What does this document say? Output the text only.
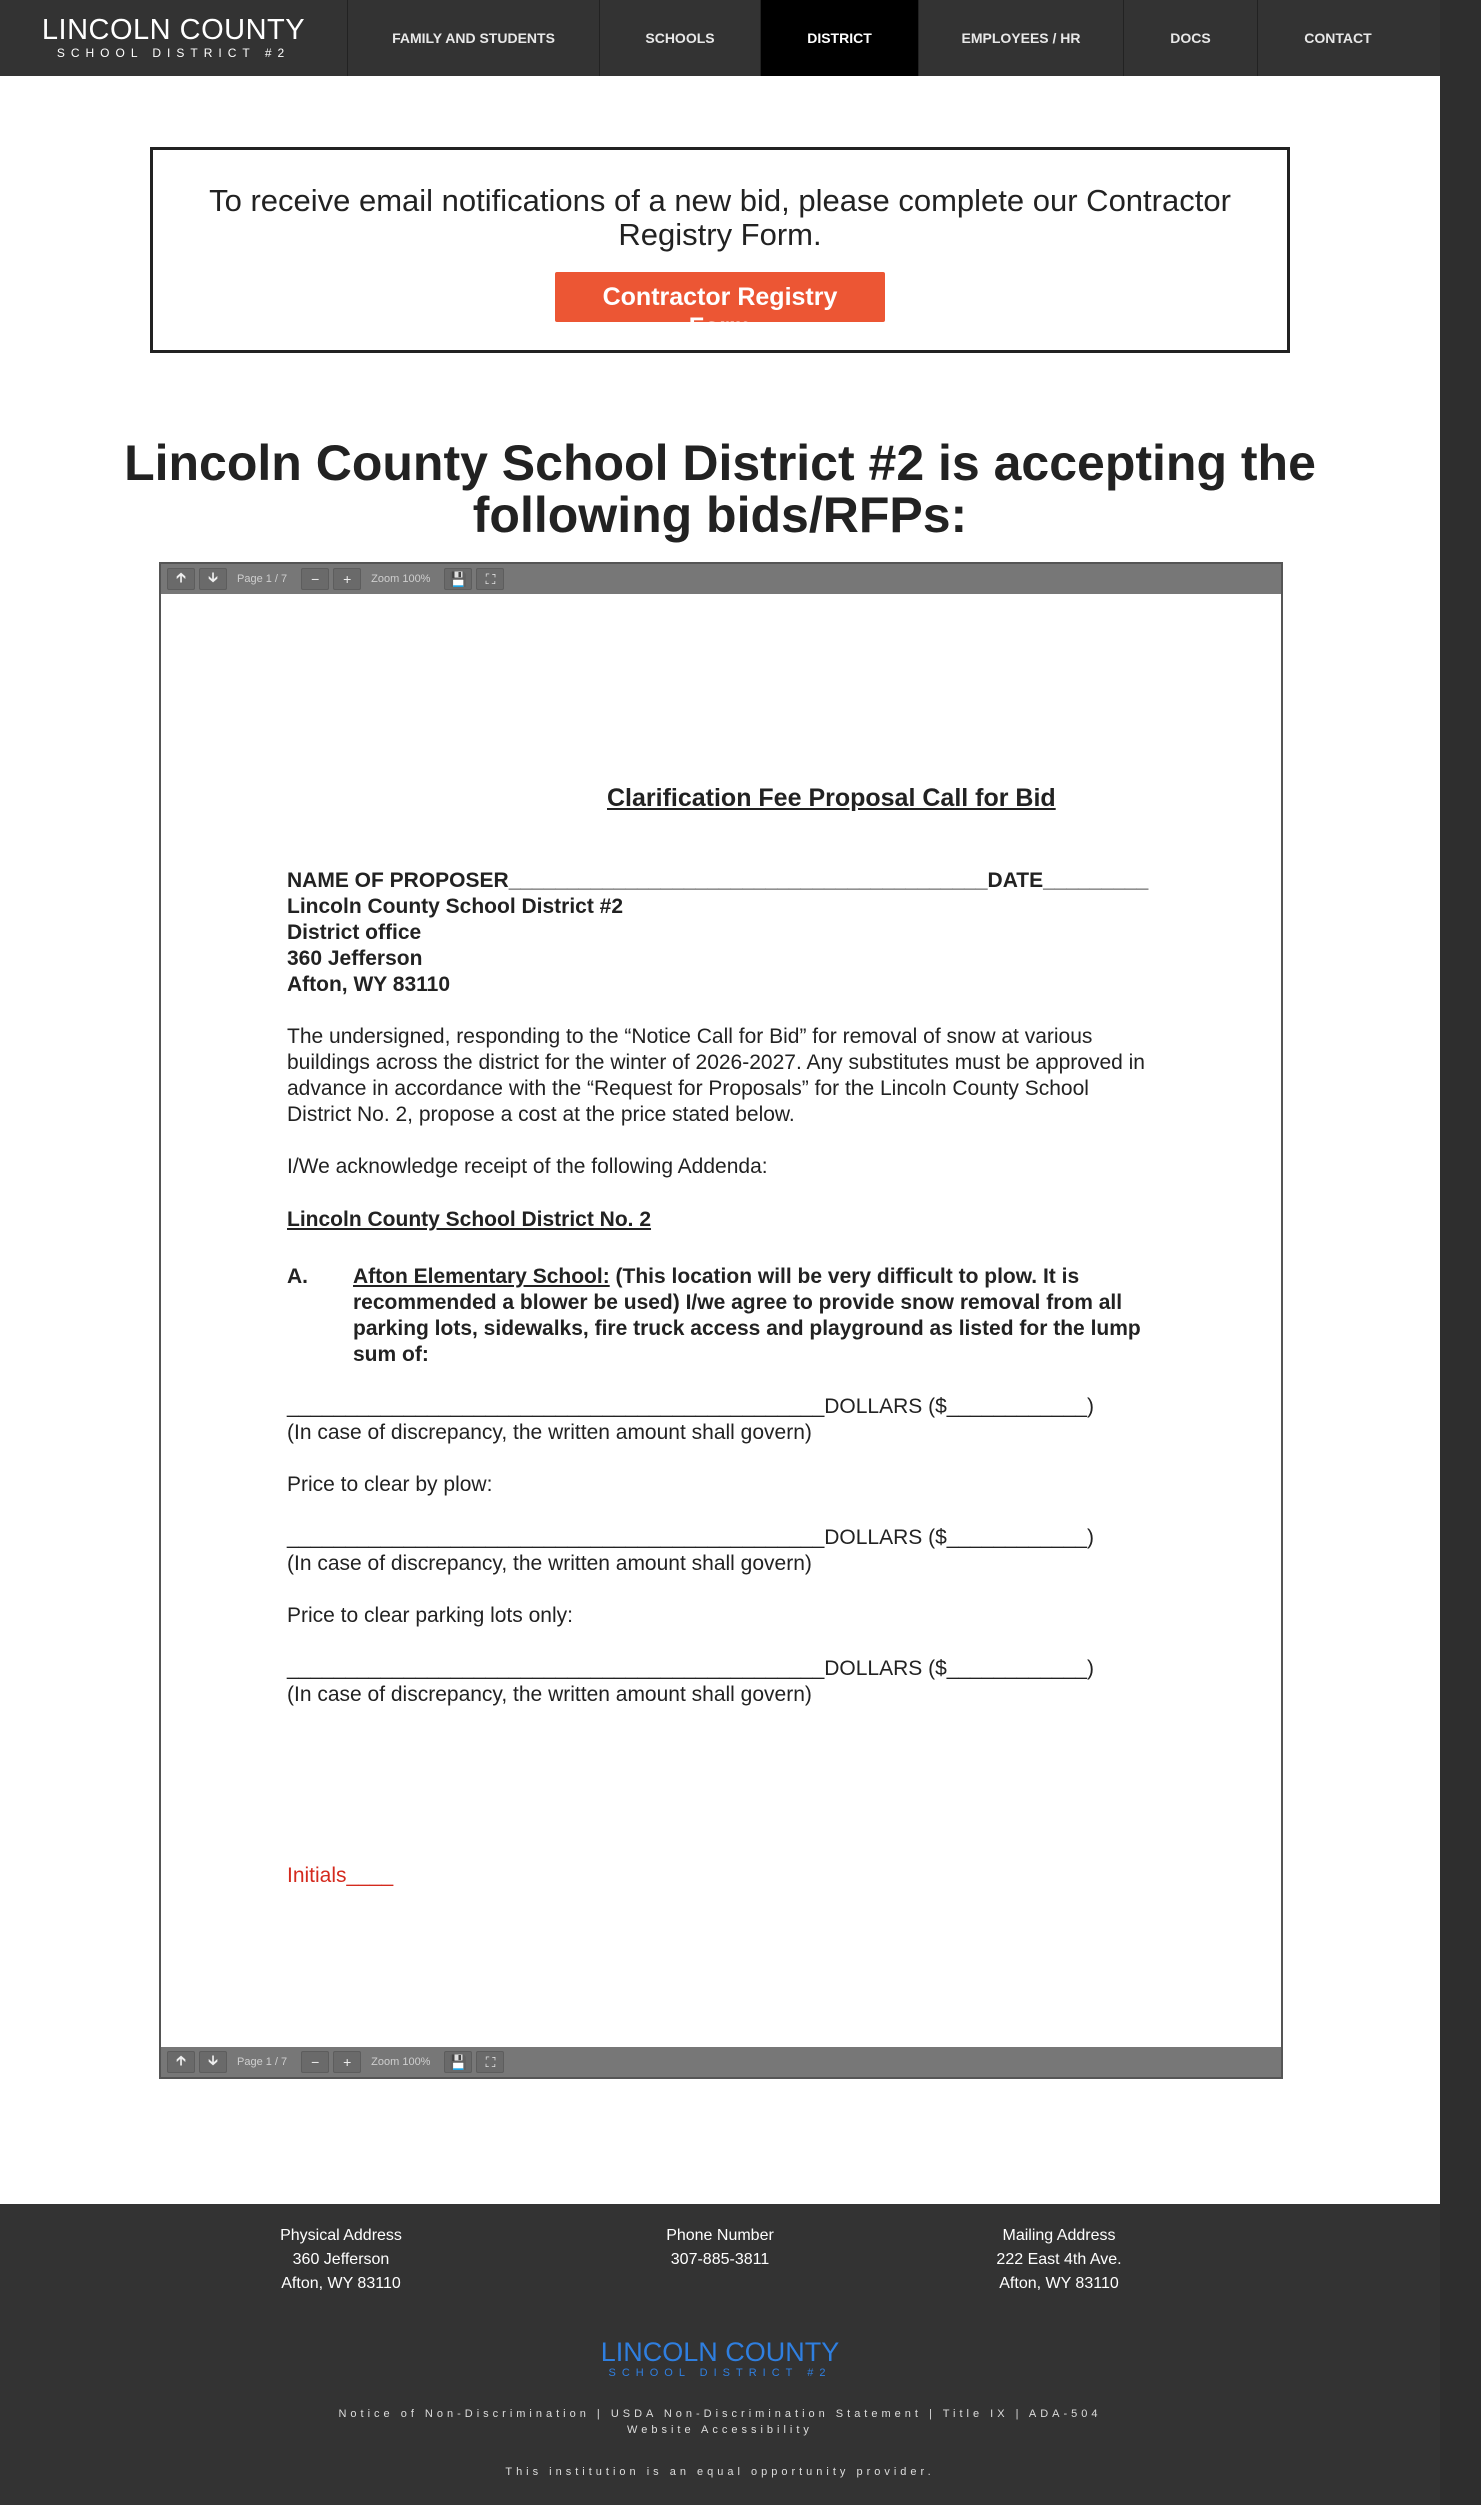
LINCOLN COUNTY
SCHOOL DISTRICT #2
FAMILY AND STUDENTS	SCHOOLS	DISTRICT	EMPLOYEES / HR	DOCS	CONTACT
To receive email notifications of a new bid, please complete our Contractor Registry Form.
Contractor Registry Form
Lincoln County School District #2 is accepting the following bids/RFPs:
🡱	🡳	Page 1 / 7	−	+	Zoom 100%	💾	⛶
Clarification Fee Proposal Call for Bid
NAME OF PROPOSER_________________________________________DATE_________
Lincoln County School District #2
District office
360 Jefferson
Afton, WY 83110
The undersigned, responding to the “Notice Call for Bid” for removal of snow at various buildings across the district for the winter of 2026-2027. Any substitutes must be approved in advance in accordance with the “Request for Proposals” for the Lincoln County School District No. 2, propose a cost at the price stated below.
I/We acknowledge receipt of the following Addenda:
Lincoln County School District No. 2
A. Afton Elementary School: (This location will be very difficult to plow. It is recommended a blower be used) I/we agree to provide snow removal from all parking lots, sidewalks, fire truck access and playground as listed for the lump sum of:
______________________________________________DOLLARS ($____________)
(In case of discrepancy, the written amount shall govern)
Price to clear by plow:
______________________________________________DOLLARS ($____________)
(In case of discrepancy, the written amount shall govern)
Price to clear parking lots only:
______________________________________________DOLLARS ($____________)
(In case of discrepancy, the written amount shall govern)
Initials____
🡱	🡳	Page 1 / 7	−	+	Zoom 100%	💾	⛶
Physical Address
360 Jefferson
Afton, WY 83110
Phone Number
307-885-3811
Mailing Address
222 East 4th Ave.
Afton, WY 83110
LINCOLN COUNTY
SCHOOL DISTRICT #2
Notice of Non-Discrimination | USDA Non-Discrimination Statement | Title IX | ADA-504
Website Accessibility
This institution is an equal opportunity provider.
